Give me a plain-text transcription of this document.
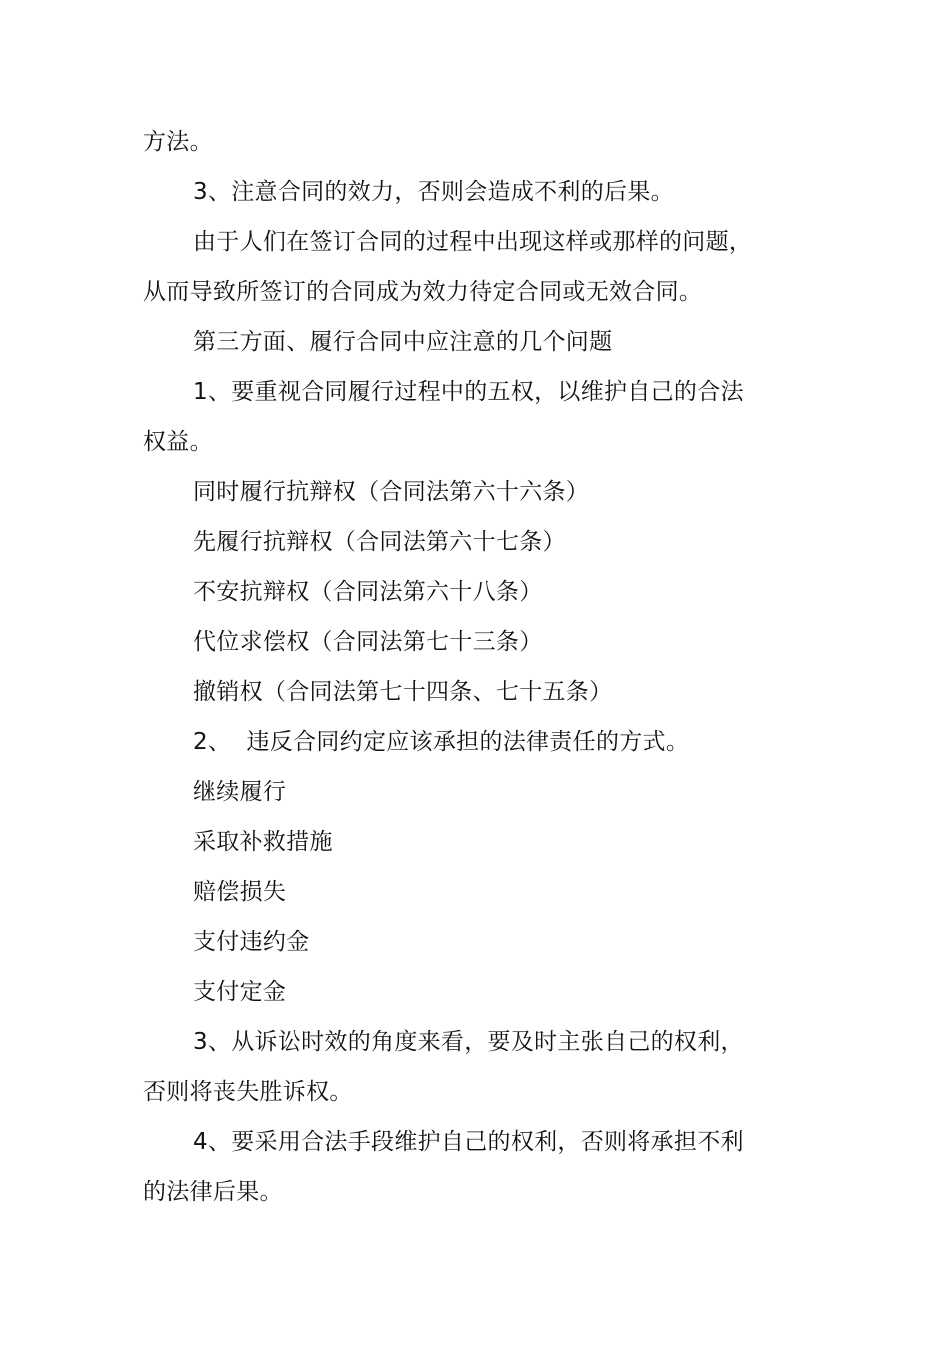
方法。
3、注意合同的效力，否则会造成不利的后果。
由于人们在签订合同的过程中出现这样或那样的问题，
从而导致所签订的合同成为效力待定合同或无效合同。
第三方面、履行合同中应注意的几个问题
1、要重视合同履行过程中的五权，以维护自己的合法
权益。
同时履行抗辩权（合同法第六十六条）
先履行抗辩权（合同法第六十七条）
不安抗辩权（合同法第六十八条）
代位求偿权（合同法第七十三条）
撤销权（合同法第七十四条、七十五条）
2、  违反合同约定应该承担的法律责任的方式。
继续履行
采取补救措施
赔偿损失
支付违约金
支付定金
3、从诉讼时效的角度来看，要及时主张自己的权利，
否则将丧失胜诉权。
4、要采用合法手段维护自己的权利，否则将承担不利
的法律后果。
